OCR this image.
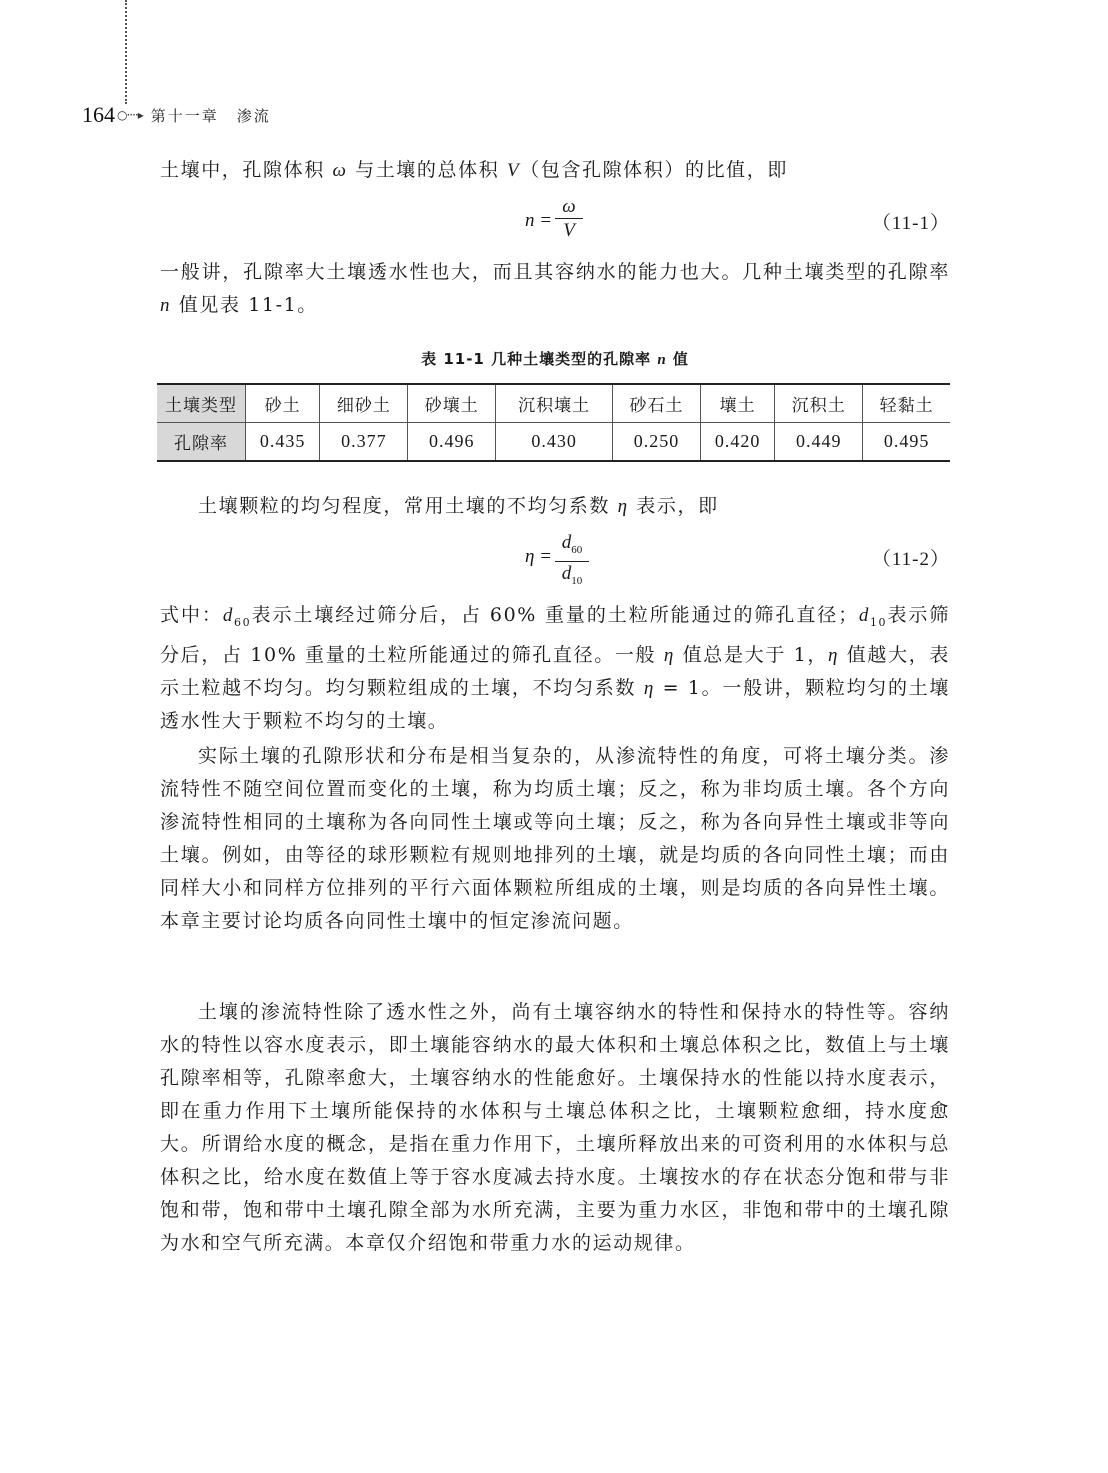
164 ○····▸ 第十一章 渗流

土壤中，孔隙体积 ω 与土壤的总体积 V（包含孔隙体积）的比值，即

$n = \frac{\omega}{V}$	（11-1）

一般讲，孔隙率大土壤透水性也大，而且其容纳水的能力也大。几种土壤类型的孔隙率 n 值见表 11-1。

表 11-1 几种土壤类型的孔隙率 n 值
土壤类型	砂土	细砂土	砂壤土	沉积壤土	砂石土	壤土	沉积土	轻黏土
孔隙率	0.435	0.377	0.496	0.430	0.250	0.420	0.449	0.495

土壤颗粒的均匀程度，常用土壤的不均匀系数 η 表示，即

$\eta = \frac{d_{60}}{d_{10}}$	（11-2）

式中：$d_{60}$表示土壤经过筛分后，占 60% 重量的土粒所能通过的筛孔直径；$d_{10}$表示筛分后，占 10% 重量的土粒所能通过的筛孔直径。一般 η 值总是大于 1，η 值越大，表示土粒越不均匀。均匀颗粒组成的土壤，不均匀系数 η = 1。一般讲，颗粒均匀的土壤透水性大于颗粒不均匀的土壤。

实际土壤的孔隙形状和分布是相当复杂的，从渗流特性的角度，可将土壤分类。渗流特性不随空间位置而变化的土壤，称为均质土壤；反之，称为非均质土壤。各个方向渗流特性相同的土壤称为各向同性土壤或等向土壤；反之，称为各向异性土壤或非等向土壤。例如，由等径的球形颗粒有规则地排列的土壤，就是均质的各向同性土壤；而由同样大小和同样方位排列的平行六面体颗粒所组成的土壤，则是均质的各向异性土壤。本章主要讨论均质各向同性土壤中的恒定渗流问题。

土壤的渗流特性除了透水性之外，尚有土壤容纳水的特性和保持水的特性等。容纳水的特性以容水度表示，即土壤能容纳水的最大体积和土壤总体积之比，数值上与土壤孔隙率相等，孔隙率愈大，土壤容纳水的性能愈好。土壤保持水的性能以持水度表示，即在重力作用下土壤所能保持的水体积与土壤总体积之比，土壤颗粒愈细，持水度愈大。所谓给水度的概念，是指在重力作用下，土壤所释放出来的可资利用的水体积与总体积之比，给水度在数值上等于容水度减去持水度。土壤按水的存在状态分饱和带与非饱和带，饱和带中土壤孔隙全部为水所充满，主要为重力水区，非饱和带中的土壤孔隙为水和空气所充满。本章仅介绍饱和带重力水的运动规律。
